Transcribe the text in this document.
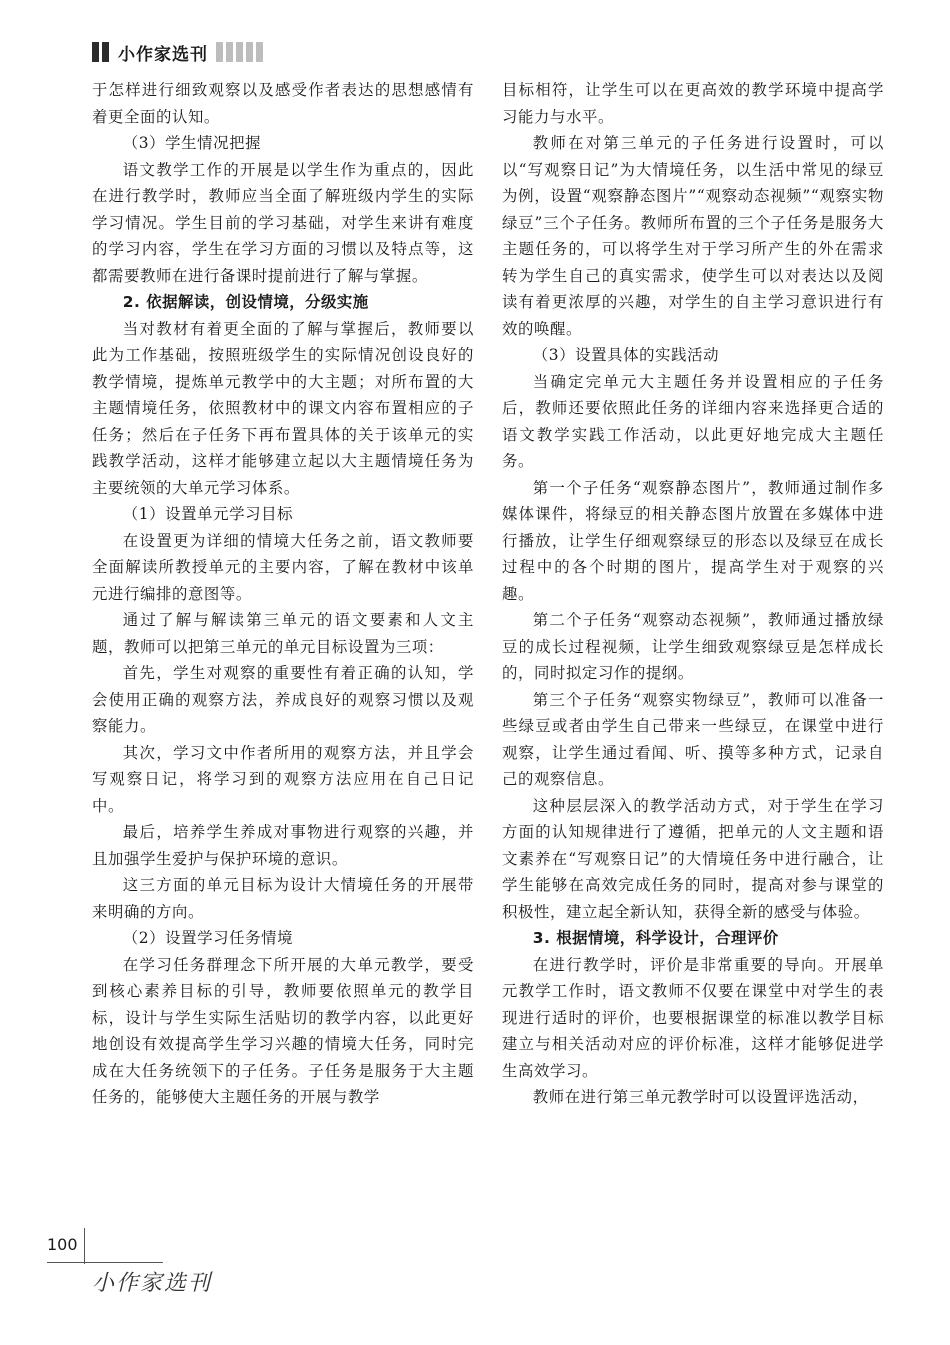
小作家选刊

于怎样进行细致观察以及感受作者表达的思想感情有着更全面的认知。

（3）学生情况把握

语文教学工作的开展是以学生作为重点的，因此在进行教学时，教师应当全面了解班级内学生的实际学习情况。学生目前的学习基础，对学生来讲有难度的学习内容，学生在学习方面的习惯以及特点等，这都需要教师在进行备课时提前进行了解与掌握。

2. 依据解读，创设情境，分级实施

当对教材有着更全面的了解与掌握后，教师要以此为工作基础，按照班级学生的实际情况创设良好的教学情境，提炼单元教学中的大主题；对所布置的大主题情境任务，依照教材中的课文内容布置相应的子任务；然后在子任务下再布置具体的关于该单元的实践教学活动，这样才能够建立起以大主题情境任务为主要统领的大单元学习体系。

（1）设置单元学习目标

在设置更为详细的情境大任务之前，语文教师要全面解读所教授单元的主要内容，了解在教材中该单元进行编排的意图等。

通过了解与解读第三单元的语文要素和人文主题，教师可以把第三单元的单元目标设置为三项：

首先，学生对观察的重要性有着正确的认知，学会使用正确的观察方法，养成良好的观察习惯以及观察能力。

其次，学习文中作者所用的观察方法，并且学会写观察日记，将学习到的观察方法应用在自己日记中。

最后，培养学生养成对事物进行观察的兴趣，并且加强学生爱护与保护环境的意识。

这三方面的单元目标为设计大情境任务的开展带来明确的方向。

（2）设置学习任务情境

在学习任务群理念下所开展的大单元教学，要受到核心素养目标的引导，教师要依照单元的教学目标，设计与学生实际生活贴切的教学内容，以此更好地创设有效提高学生学习兴趣的情境大任务，同时完成在大任务统领下的子任务。子任务是服务于大主题任务的，能够使大主题任务的开展与教学

目标相符，让学生可以在更高效的教学环境中提高学习能力与水平。

教师在对第三单元的子任务进行设置时，可以以“写观察日记”为大情境任务，以生活中常见的绿豆为例，设置“观察静态图片”“观察动态视频”“观察实物绿豆”三个子任务。教师所布置的三个子任务是服务大主题任务的，可以将学生对于学习所产生的外在需求转为学生自己的真实需求，使学生可以对表达以及阅读有着更浓厚的兴趣，对学生的自主学习意识进行有效的唤醒。

（3）设置具体的实践活动

当确定完单元大主题任务并设置相应的子任务后，教师还要依照此任务的详细内容来选择更合适的语文教学实践工作活动，以此更好地完成大主题任务。

第一个子任务“观察静态图片”，教师通过制作多媒体课件，将绿豆的相关静态图片放置在多媒体中进行播放，让学生仔细观察绿豆的形态以及绿豆在成长过程中的各个时期的图片，提高学生对于观察的兴趣。

第二个子任务“观察动态视频”，教师通过播放绿豆的成长过程视频，让学生细致观察绿豆是怎样成长的，同时拟定习作的提纲。

第三个子任务“观察实物绿豆”，教师可以准备一些绿豆或者由学生自己带来一些绿豆，在课堂中进行观察，让学生通过看闻、听、摸等多种方式，记录自己的观察信息。

这种层层深入的教学活动方式，对于学生在学习方面的认知规律进行了遵循，把单元的人文主题和语文素养在“写观察日记”的大情境任务中进行融合，让学生能够在高效完成任务的同时，提高对参与课堂的积极性，建立起全新认知，获得全新的感受与体验。

3. 根据情境，科学设计，合理评价

在进行教学时，评价是非常重要的导向。开展单元教学工作时，语文教师不仅要在课堂中对学生的表现进行适时的评价，也要根据课堂的标准以教学目标建立与相关活动对应的评价标准，这样才能够促进学生高效学习。

教师在进行第三单元教学时可以设置评选活动，

100
小作家选刊
